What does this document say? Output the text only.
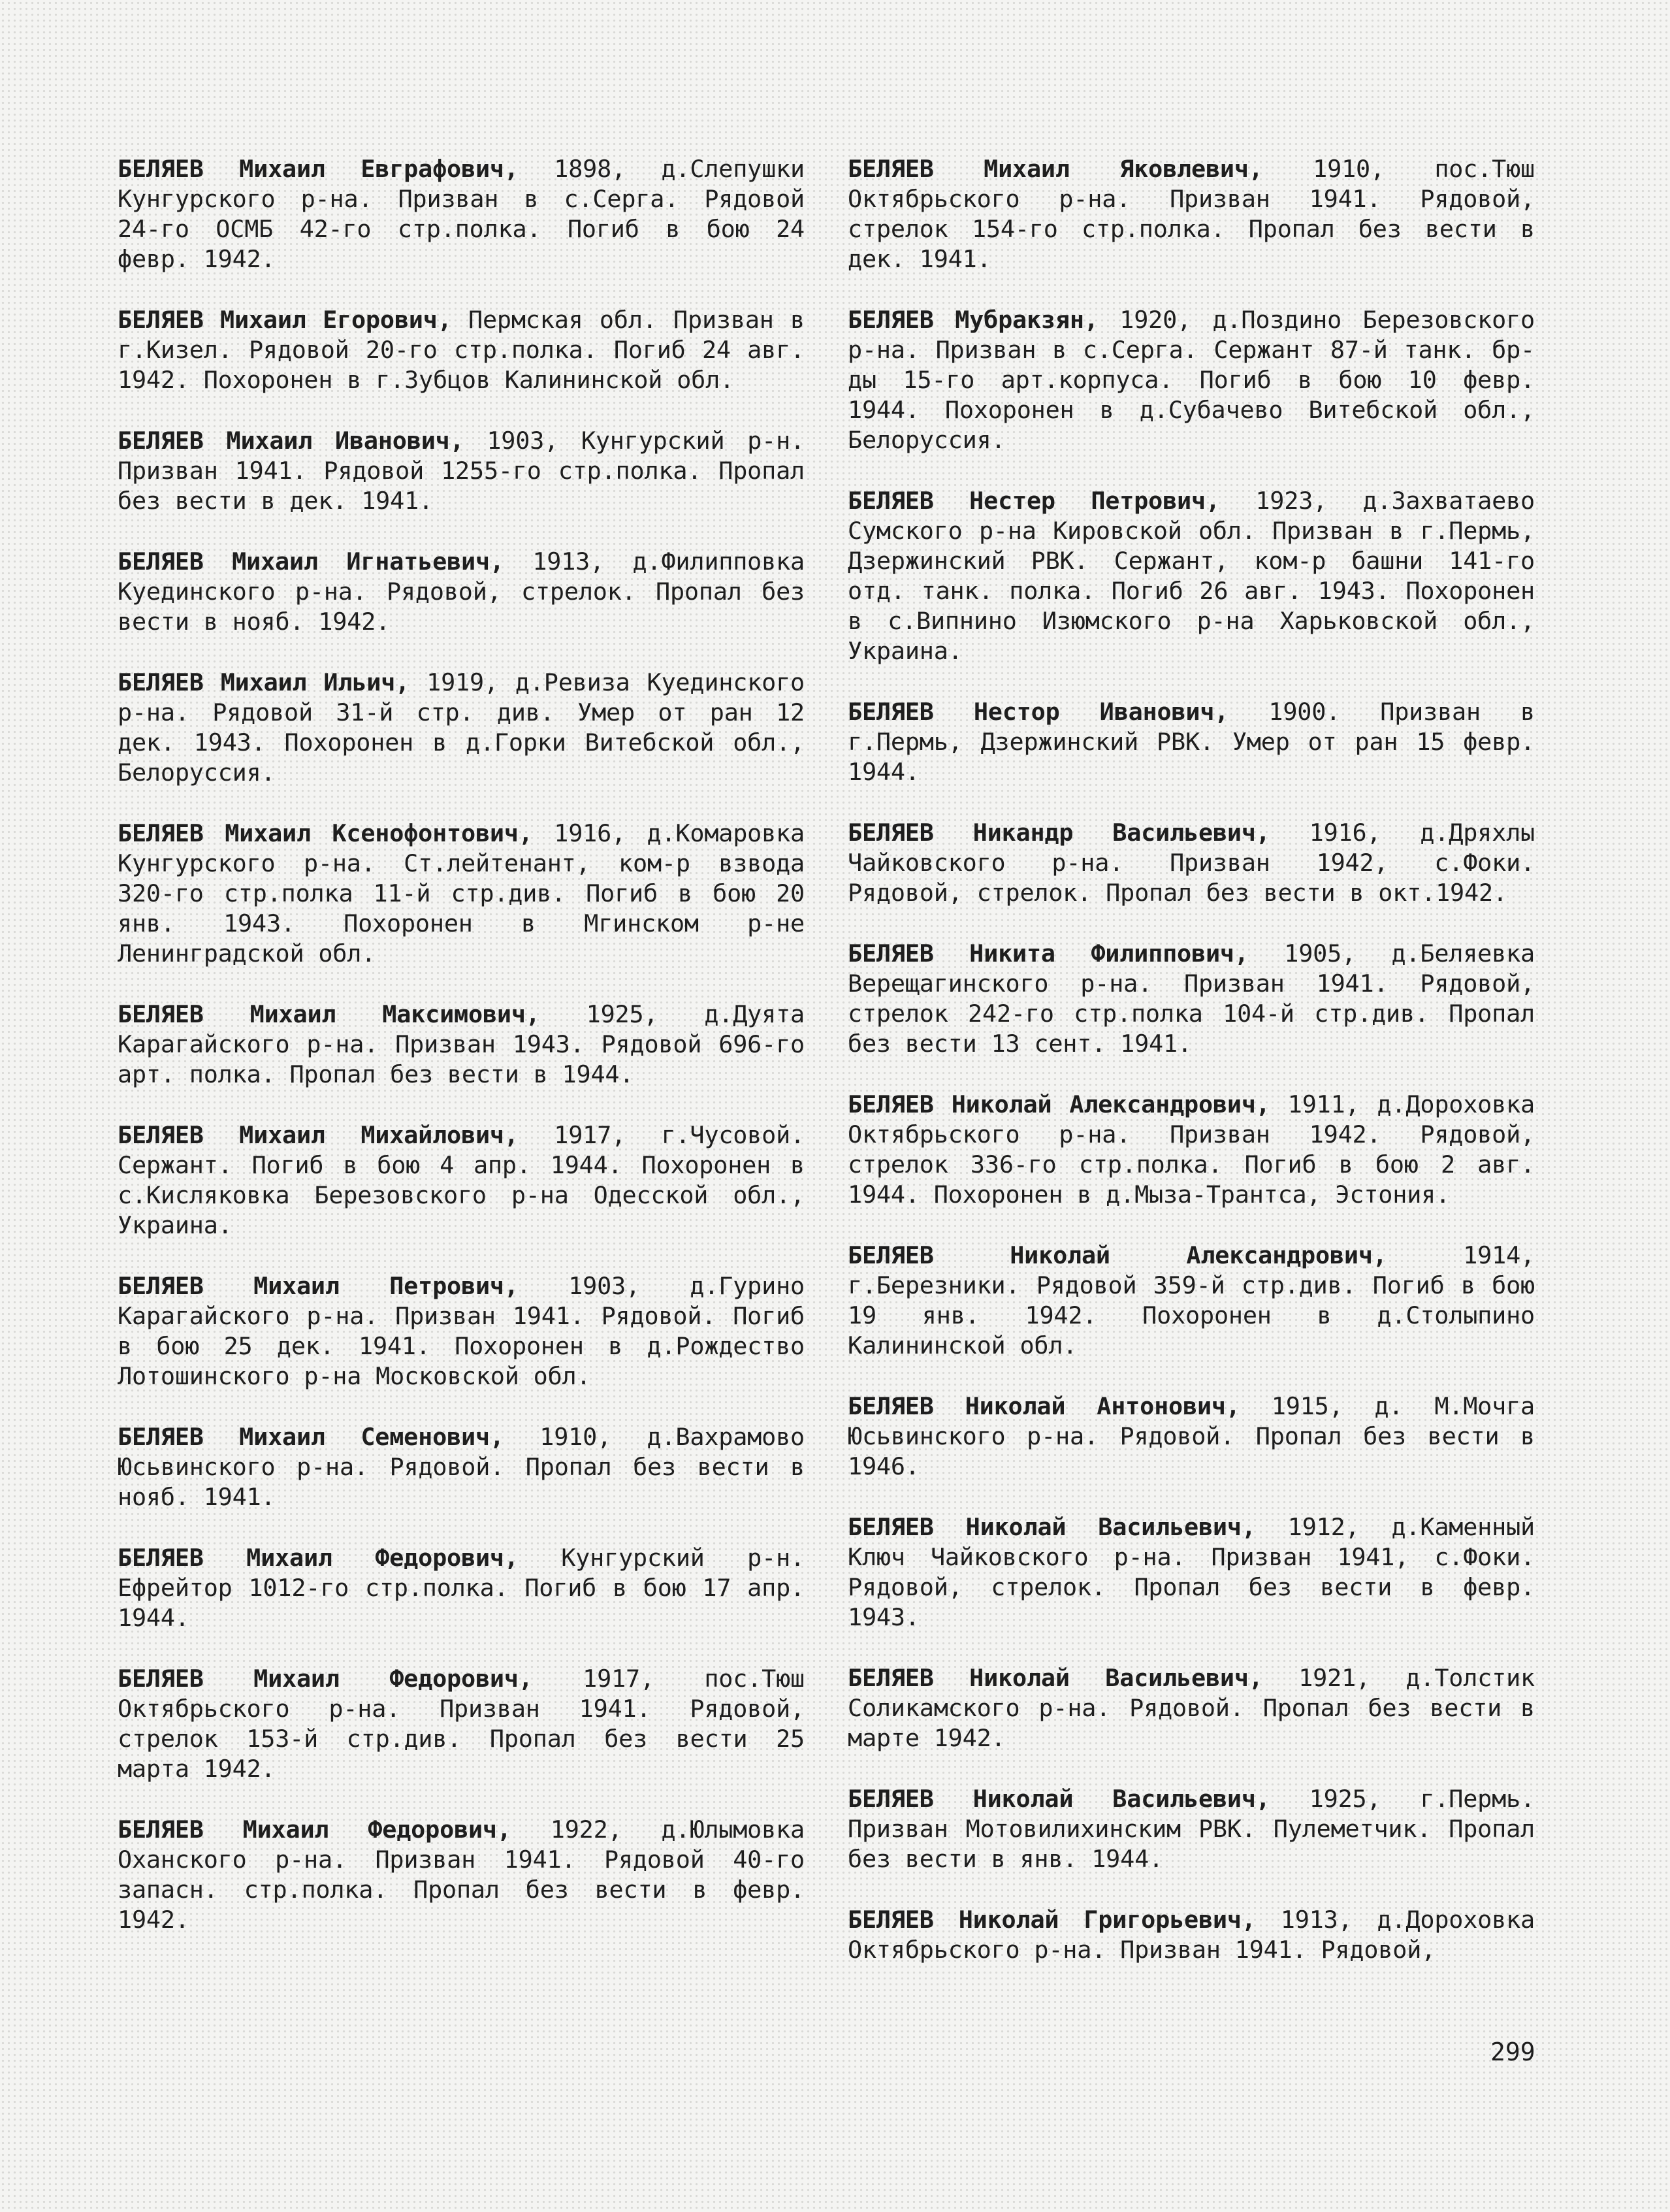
БЕЛЯЕВ Михаил Евграфович, 1898, д.Слепушки Кунгурского р-на. Призван в с.Серга. Рядовой 24-го ОСМБ 42-го стр.полка. Погиб в бою 24 февр. 1942.

БЕЛЯЕВ Михаил Егорович, Пермская обл. Призван в г.Кизел. Рядовой 20-го стр.полка. Погиб 24 авг. 1942. Похоронен в г.Зубцов Калининской обл.

БЕЛЯЕВ Михаил Иванович, 1903, Кунгурский р-н. Призван 1941. Рядовой 1255-го стр.полка. Пропал без вести в дек. 1941.

БЕЛЯЕВ Михаил Игнатьевич, 1913, д.Филипповка Куединского р-на. Рядовой, стрелок. Пропал без вести в нояб. 1942.

БЕЛЯЕВ Михаил Ильич, 1919, д.Ревиза Куединского р-на. Рядовой 31-й стр. див. Умер от ран 12 дек. 1943. Похоронен в д.Горки Витебской обл., Белоруссия.

БЕЛЯЕВ Михаил Ксенофонтович, 1916, д.Комаровка Кунгурского р-на. Ст.лейтенант, ком-р взвода 320-го стр.полка 11-й стр.див. Погиб в бою 20 янв. 1943. Похоронен в Мгинском р-не Ленинградской обл.

БЕЛЯЕВ Михаил Максимович, 1925, д.Дуята Карагайского р-на. Призван 1943. Рядовой 696-го арт. полка. Пропал без вести в 1944.

БЕЛЯЕВ Михаил Михайлович, 1917, г.Чусовой. Сержант. Погиб в бою 4 апр. 1944. Похоронен в с.Кисляковка Березовского р-на Одесской обл., Украина.

БЕЛЯЕВ Михаил Петрович, 1903, д.Гурино Карагайского р-на. Призван 1941. Рядовой. Погиб в бою 25 дек. 1941. Похоронен в д.Рождество Лотошинского р-на Московской обл.

БЕЛЯЕВ Михаил Семенович, 1910, д.Вахрамово Юсьвинского р-на. Рядовой. Пропал без вести в нояб. 1941.

БЕЛЯЕВ Михаил Федорович, Кунгурский р-н. Ефрейтор 1012-го стр.полка. Погиб в бою 17 апр. 1944.

БЕЛЯЕВ Михаил Федорович, 1917, пос.Тюш Октябрьского р-на. Призван 1941. Рядовой, стрелок 153-й стр.див. Пропал без вести 25 марта 1942.

БЕЛЯЕВ Михаил Федорович, 1922, д.Юлымовка Оханского р-на. Призван 1941. Рядовой 40-го запасн. стр.полка. Пропал без вести в февр. 1942.

БЕЛЯЕВ Михаил Яковлевич, 1910, пос.Тюш Октябрьского р-на. Призван 1941. Рядовой, стрелок 154-го стр.полка. Пропал без вести в дек. 1941.

БЕЛЯЕВ Мубракзян, 1920, д.Поздино Березовского р-на. Призван в с.Серга. Сержант 87-й танк. бр-ды 15-го арт.корпуса. Погиб в бою 10 февр. 1944. Похоронен в д.Субачево Витебской обл., Белоруссия.

БЕЛЯЕВ Нестер Петрович, 1923, д.Захватаево Сумского р-на Кировской обл. Призван в г.Пермь, Дзержинский РВК. Сержант, ком-р башни 141-го отд. танк. полка. Погиб 26 авг. 1943. Похоронен в с.Випнино Изюмского р-на Харьковской обл., Украина.

БЕЛЯЕВ Нестор Иванович, 1900. Призван в г.Пермь, Дзержинский РВК. Умер от ран 15 февр. 1944.

БЕЛЯЕВ Никандр Васильевич, 1916, д.Дряхлы Чайковского р-на. Призван 1942, с.Фоки. Рядовой, стрелок. Пропал без вести в окт.1942.

БЕЛЯЕВ Никита Филиппович, 1905, д.Беляевка Верещагинского р-на. Призван 1941. Рядовой, стрелок 242-го стр.полка 104-й стр.див. Пропал без вести 13 сент. 1941.

БЕЛЯЕВ Николай Александрович, 1911, д.Дороховка Октябрьского р-на. Призван 1942. Рядовой, стрелок 336-го стр.полка. Погиб в бою 2 авг. 1944. Похоронен в д.Мыза-Трантса, Эстония.

БЕЛЯЕВ Николай Александрович, 1914, г.Березники. Рядовой 359-й стр.див. Погиб в бою 19 янв. 1942. Похоронен в д.Столыпино Калининской обл.

БЕЛЯЕВ Николай Антонович, 1915, д. М.Мочга Юсьвинского р-на. Рядовой. Пропал без вести в 1946.

БЕЛЯЕВ Николай Васильевич, 1912, д.Каменный Ключ Чайковского р-на. Призван 1941, с.Фоки. Рядовой, стрелок. Пропал без вести в февр. 1943.

БЕЛЯЕВ Николай Васильевич, 1921, д.Толстик Соликамского р-на. Рядовой. Пропал без вести в марте 1942.

БЕЛЯЕВ Николай Васильевич, 1925, г.Пермь. Призван Мотовилихинским РВК. Пулеметчик. Пропал без вести в янв. 1944.

БЕЛЯЕВ Николай Григорьевич, 1913, д.Дороховка Октябрьского р-на. Призван 1941. Рядовой,

299
